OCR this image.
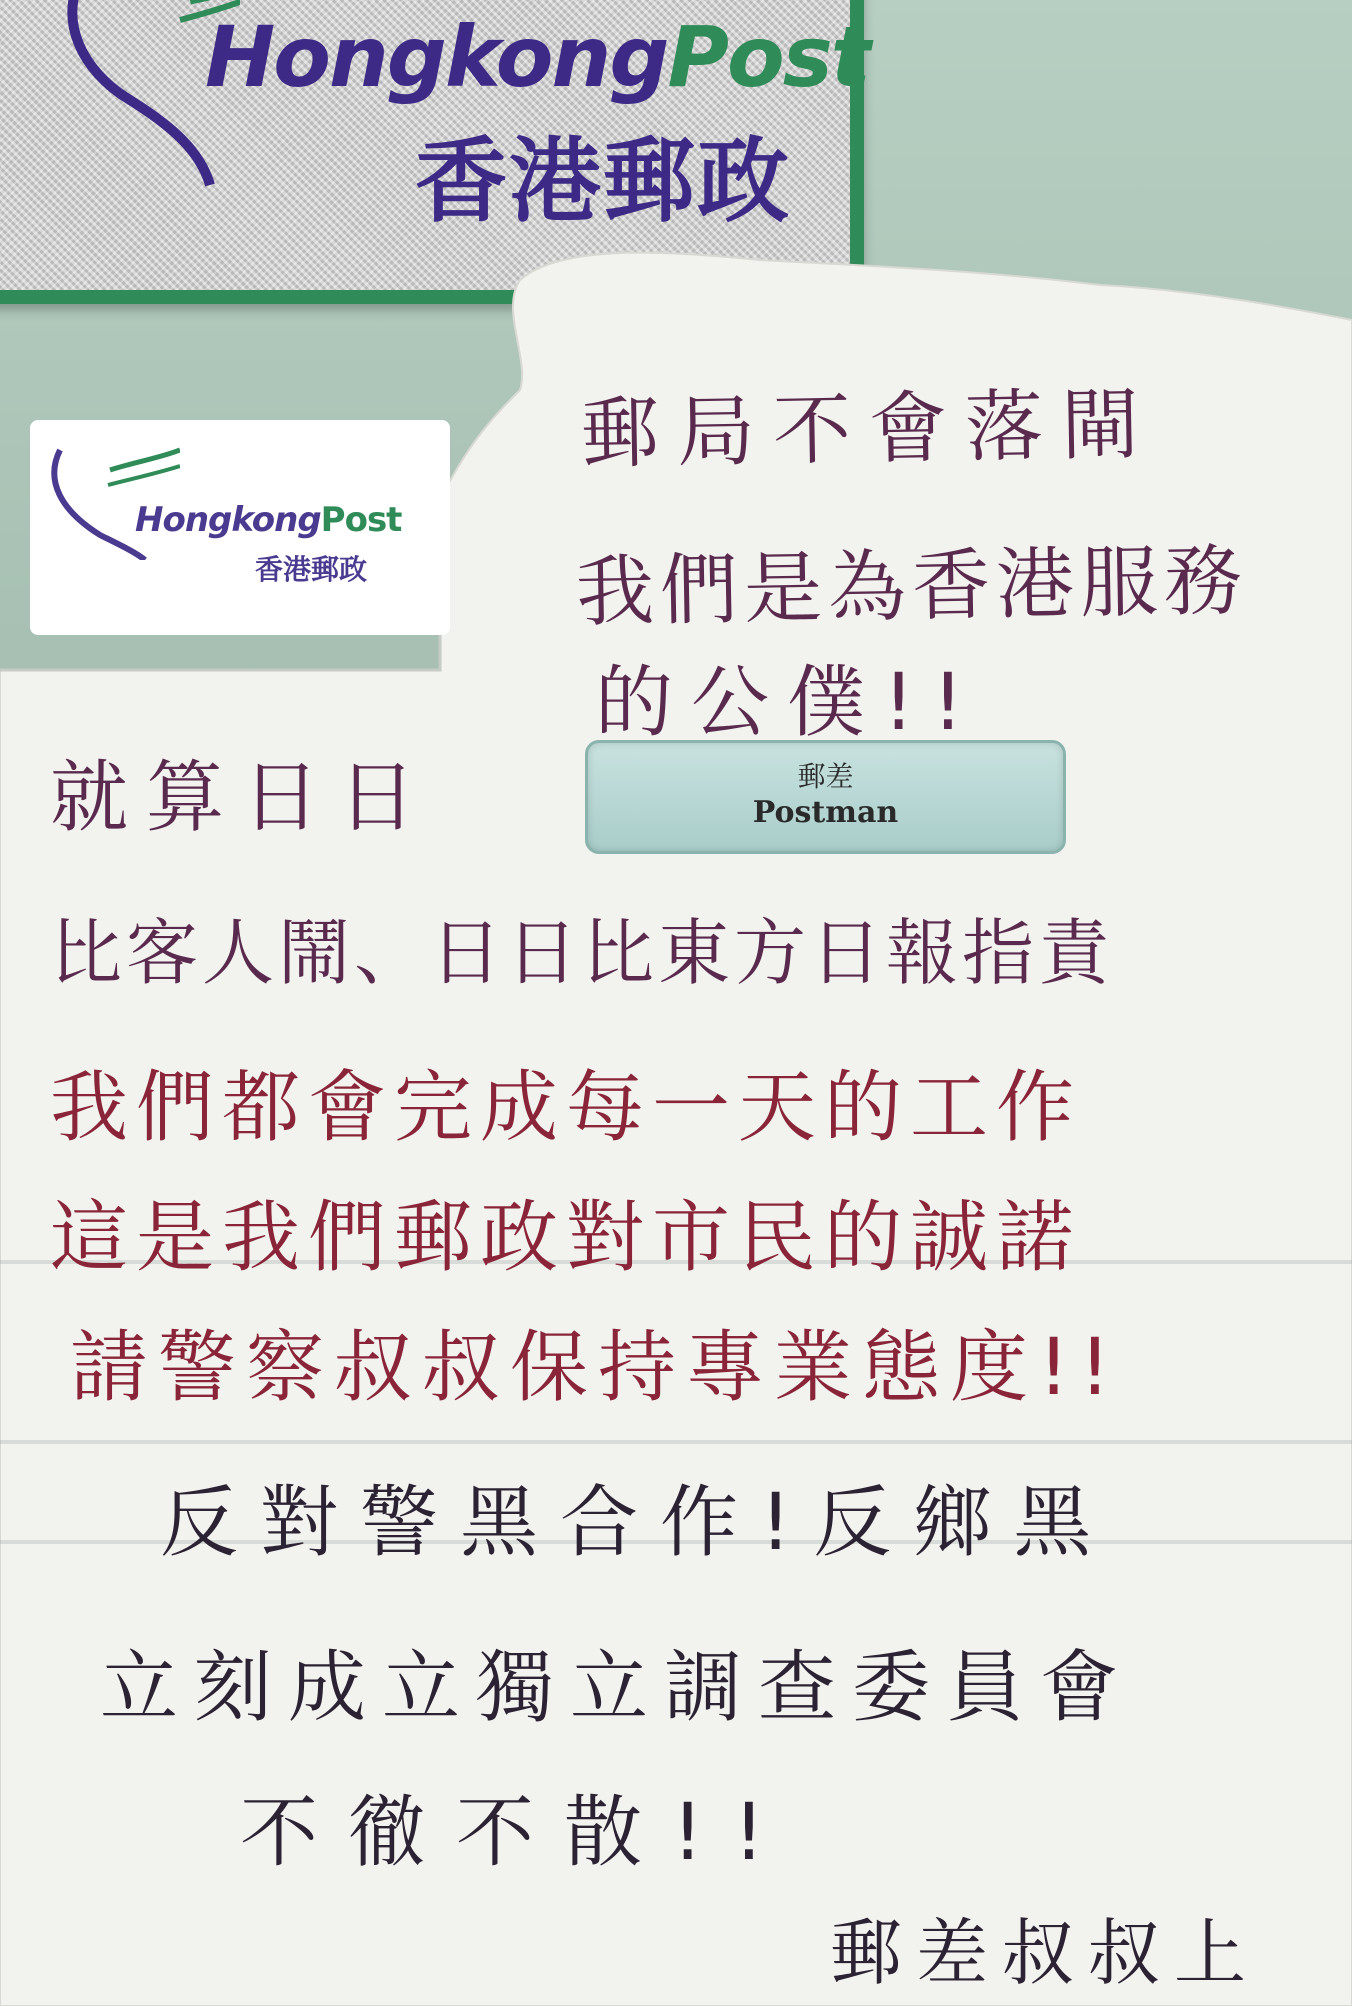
HongkongPost
香港郵政
HongkongPost
香港郵政
郵差
Postman
郵局不會落閘
我們是為香港服務
的公僕!!
就算日日
比客人鬧、日日比東方日報指責
我們都會完成每一天的工作
這是我們郵政對市民的誠諾
請警察叔叔保持專業態度!!
反對警黑合作!反鄉黑
立刻成立獨立調查委員會
不徹不散!!
郵差叔叔上
